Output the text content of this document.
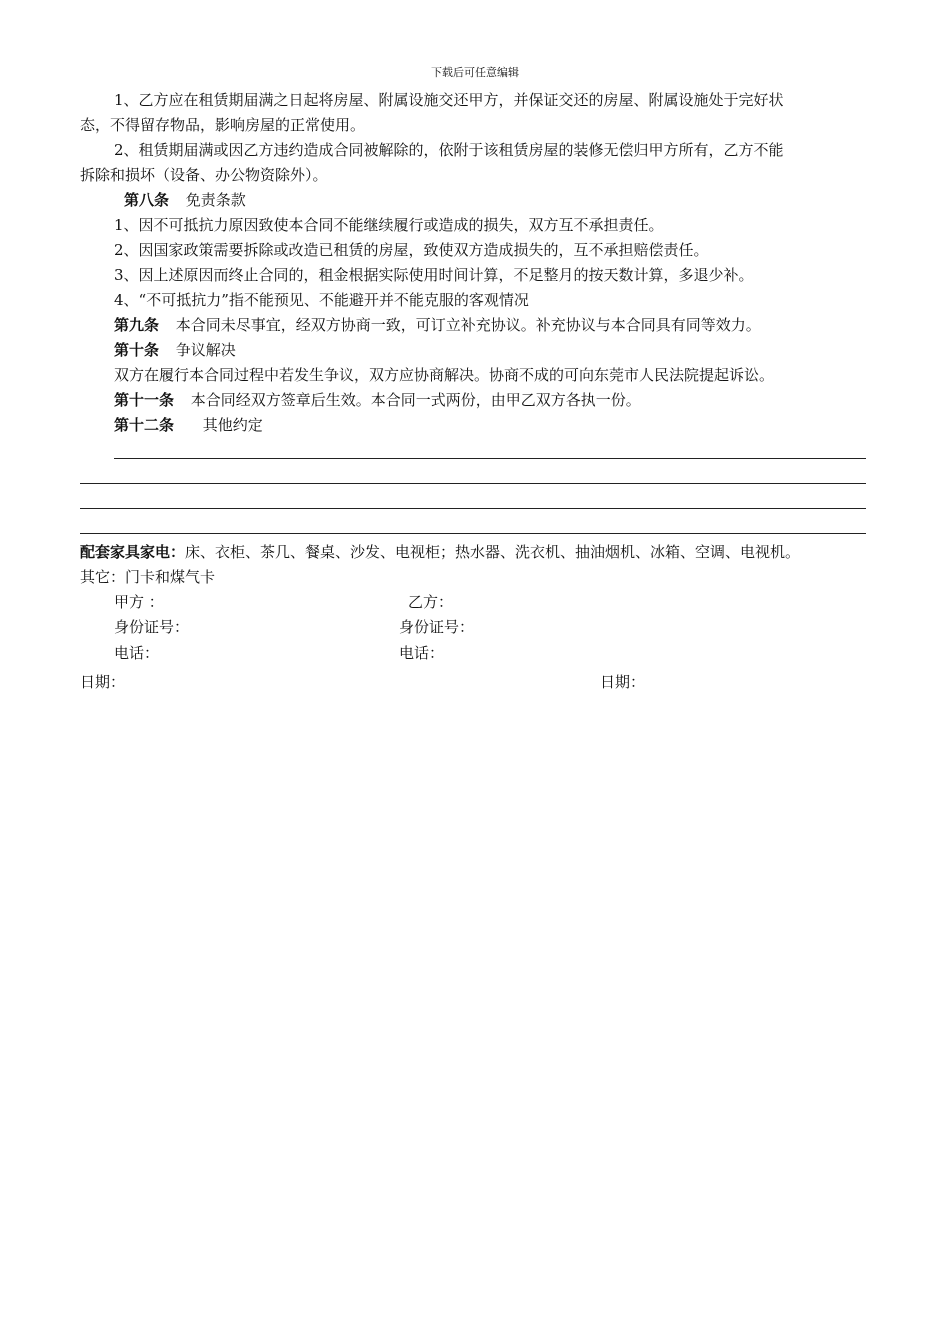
下载后可任意编辑
1、乙方应在租赁期届满之日起将房屋、附属设施交还甲方，并保证交还的房屋、附属设施处于完好状
态，不得留存物品，影响房屋的正常使用。
2、租赁期届满或因乙方违约造成合同被解除的，依附于该租赁房屋的装修无偿归甲方所有，乙方不能
拆除和损坏（设备、办公物资除外）。
第八条 免责条款
1、因不可抵抗力原因致使本合同不能继续履行或造成的损失，双方互不承担责任。
2、因国家政策需要拆除或改造已租赁的房屋，致使双方造成损失的，互不承担赔偿责任。
3、因上述原因而终止合同的，租金根据实际使用时间计算，不足整月的按天数计算，多退少补。
4、“不可抵抗力”指不能预见、不能避开并不能克服的客观情况
第九条 本合同未尽事宜，经双方协商一致，可订立补充协议。补充协议与本合同具有同等效力。
第十条 争议解决
双方在履行本合同过程中若发生争议，双方应协商解决。协商不成的可向东莞市人民法院提起诉讼。
第十一条 本合同经双方签章后生效。本合同一式两份，由甲乙双方各执一份。
第十二条 其他约定
配套家具家电：床、衣柜、茶几、餐桌、沙发、电视柜；热水器、洗衣机、抽油烟机、冰箱、空调、电视机。
其它：门卡和煤气卡
甲方 ：	乙方：
身份证号：	身份证号：
电话：	电话：
日期：	日期：
